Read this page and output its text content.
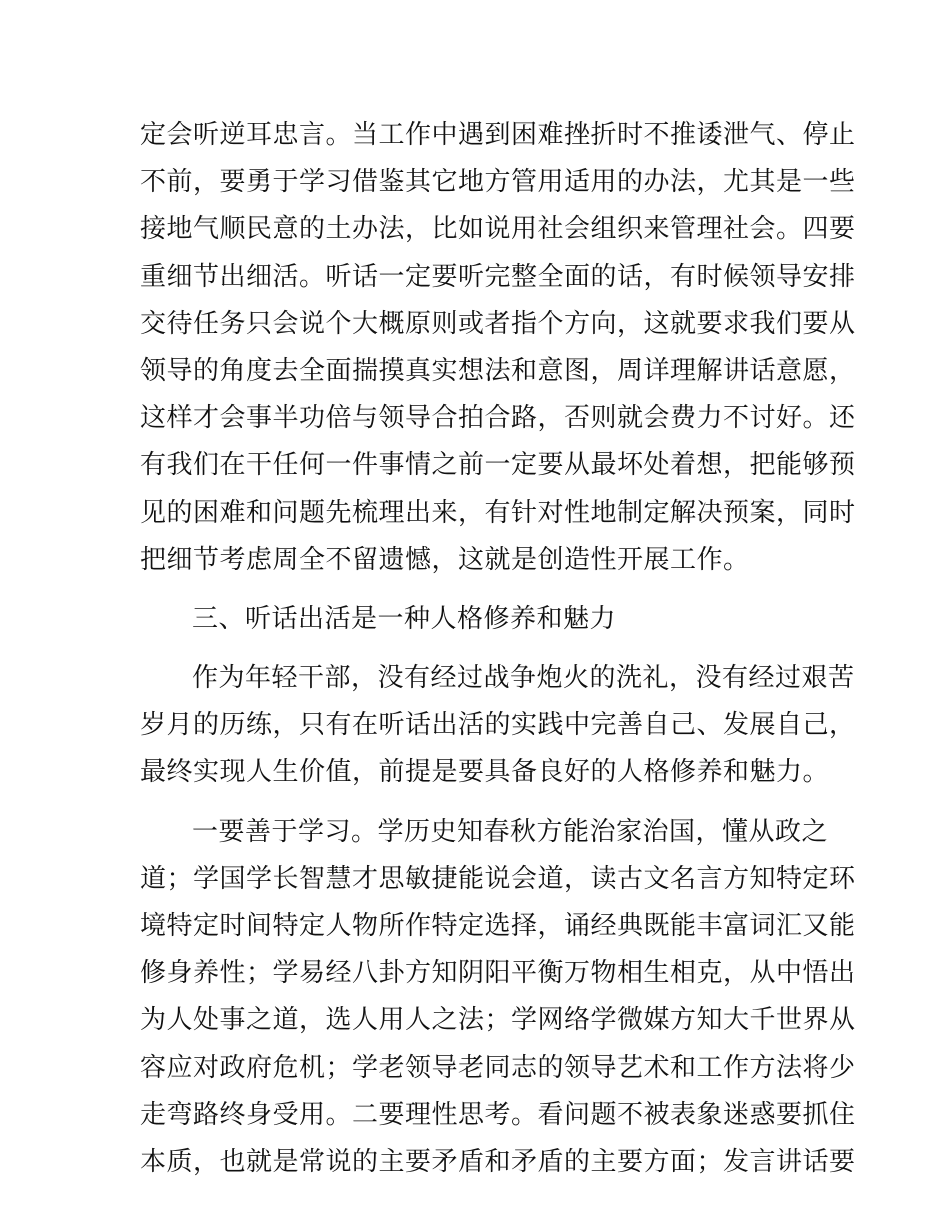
定会听逆耳忠言。当工作中遇到困难挫折时不推诿泄气、停止
不前，要勇于学习借鉴其它地方管用适用的办法，尤其是一些
接地气顺民意的土办法，比如说用社会组织来管理社会。四要
重细节出细活。听话一定要听完整全面的话，有时候领导安排
交待任务只会说个大概原则或者指个方向，这就要求我们要从
领导的角度去全面揣摸真实想法和意图，周详理解讲话意愿，
这样才会事半功倍与领导合拍合路，否则就会费力不讨好。还
有我们在干任何一件事情之前一定要从最坏处着想，把能够预
见的困难和问题先梳理出来，有针对性地制定解决预案，同时
把细节考虑周全不留遗憾，这就是创造性开展工作。
三、听话出活是一种人格修养和魅力
作为年轻干部，没有经过战争炮火的洗礼，没有经过艰苦
岁月的历练，只有在听话出活的实践中完善自己、发展自己，
最终实现人生价值，前提是要具备良好的人格修养和魅力。
一要善于学习。学历史知春秋方能治家治国，懂从政之
道；学国学长智慧才思敏捷能说会道，读古文名言方知特定环
境特定时间特定人物所作特定选择，诵经典既能丰富词汇又能
修身养性；学易经八卦方知阴阳平衡万物相生相克，从中悟出
为人处事之道，选人用人之法；学网络学微媒方知大千世界从
容应对政府危机；学老领导老同志的领导艺术和工作方法将少
走弯路终身受用。二要理性思考。看问题不被表象迷惑要抓住
本质，也就是常说的主要矛盾和矛盾的主要方面；发言讲话要
